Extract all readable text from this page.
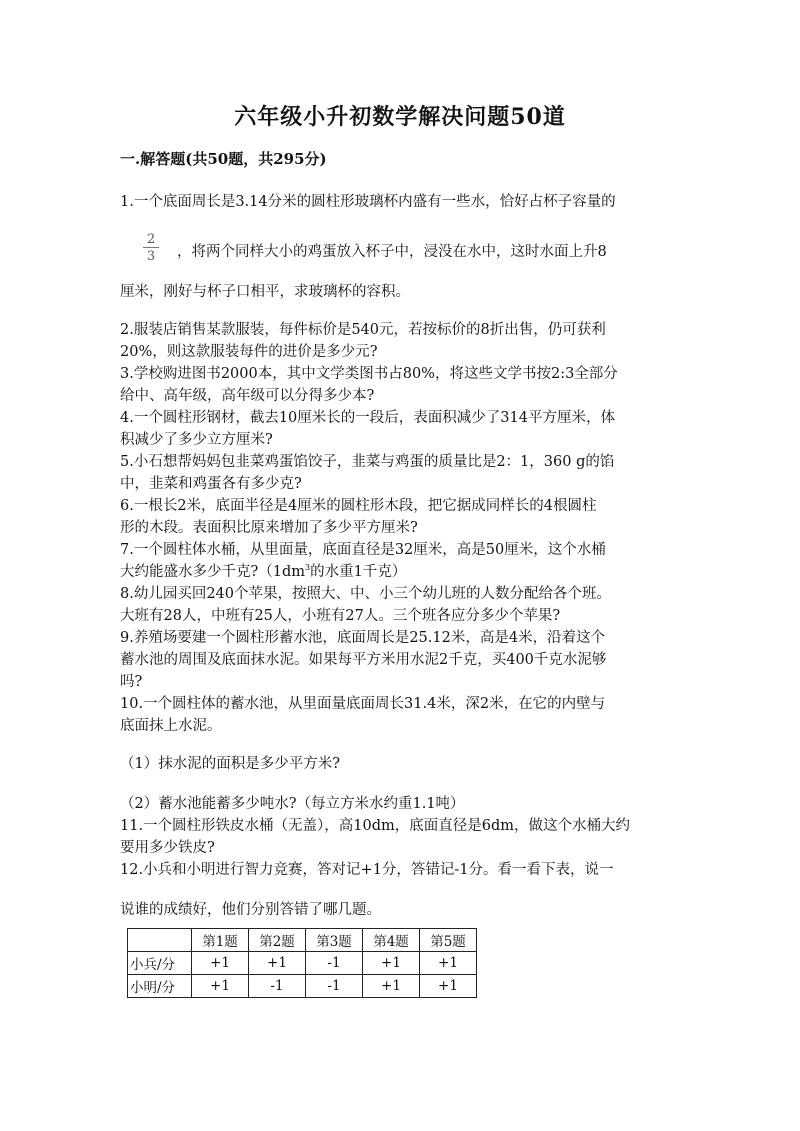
六年级小升初数学解决问题50道
一.解答题(共50题，共295分)
1.一个底面周长是3.14分米的圆柱形玻璃杯内盛有一些水，恰好占杯子容量的
$\frac{2}{3}$ ，将两个同样大小的鸡蛋放入杯子中，浸没在水中，这时水面上升8
厘米，刚好与杯子口相平，求玻璃杯的容积。
2.服装店销售某款服装，每件标价是540元，若按标价的8折出售，仍可获利
20%，则这款服装每件的进价是多少元?
3.学校购进图书2000本，其中文学类图书占80%，将这些文学书按2:3全部分
给中、高年级，高年级可以分得多少本?
4.一个圆柱形钢材，截去10厘米长的一段后，表面积减少了314平方厘米，体
积减少了多少立方厘米?
5.小石想帮妈妈包韭菜鸡蛋馅饺子，韭菜与鸡蛋的质量比是2：1，360 g的馅
中，韭菜和鸡蛋各有多少克?
6.一根长2米，底面半径是4厘米的圆柱形木段，把它据成同样长的4根圆柱
形的木段。表面积比原来增加了多少平方厘米?
7.一个圆柱体水桶，从里面量，底面直径是32厘米，高是50厘米，这个水桶
大约能盛水多少千克$?(1dm^3$的水重1千克）
8.幼儿园买回240个苹果，按照大、中、小三个幼儿班的人数分配给各个班。
大班有28人，中班有25人，小班有27人。三个班各应分多少个苹果?
9.养殖场要建一个圆柱形蓄水池，底面周长是25.12米，高是4米，沿着这个
蓄水池的周围及底面抹水泥。如果每平方米用水泥2千克，买400千克水泥够
吗?
10.一个圆柱体的蓄水池，从里面量底面周长31.4米，深2米，在它的内壁与
底面抹上水泥。
（1）抹水泥的面积是多少平方米?
（2）蓄水池能蓄多少吨水?（每立方米水约重1.1吨）
11.一个圆柱形铁皮水桶（无盖），高10dm，底面直径是6dm，做这个水桶大约
要用多少铁皮?
12.小兵和小明进行智力竞赛，答对记+1分，答错记-1分。看一看下表，说一
说谁的成绩好，他们分别答错了哪几题。
	第1题	第2题	第3题	第4题	第5题
小兵/分	+1	+1	-1	+1	+1
小明/分	+1	-1	-1	+1	+1
